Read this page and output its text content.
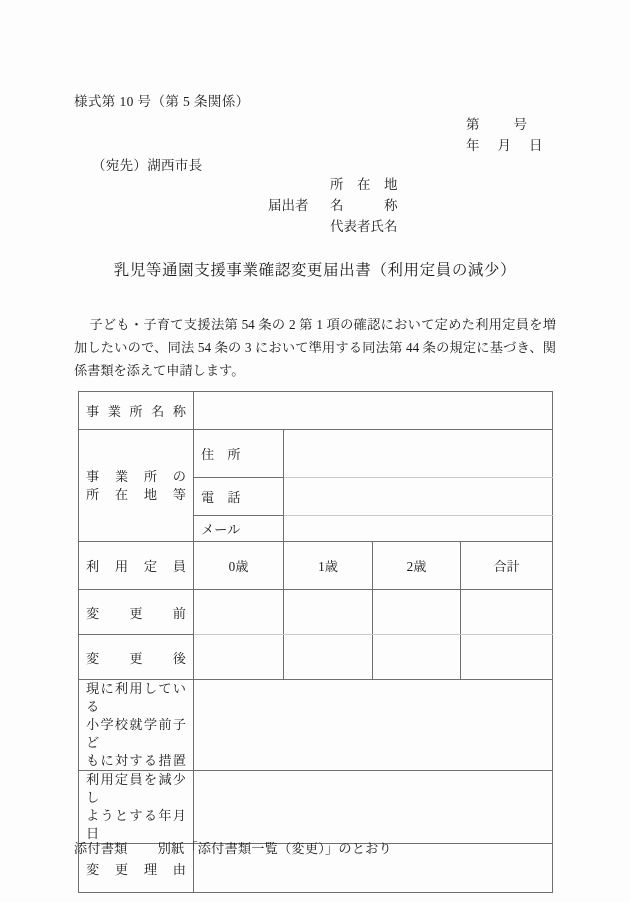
様式第 10 号（第 5 条関係）
第	号
年 月 日
（宛先）湖西市長
所　在　地
届出者 名　　　称
代表者氏名
乳児等通園支援事業確認変更届出書（利用定員の減少）
子ども・子育て支援法第 54 条の 2 第 1 項の確認において定めた利用定員を増加したいので、同法 54 条の 3 において準用する同法第 44 条の規定に基づき、関係書類を添えて申請します。
事業所名称				

事業所の
所在地等	住　所			

	電　話			

	メール			

利用定員	0歳	1歳	2歳	合計

変更前				

変更後				

現に利用している
小学校就学前子ど
もに対する措置				

利用定員を減少し
ようとする年月日				

変更理由				

添付書類 別紙「添付書類一覧（変更）」のとおり
